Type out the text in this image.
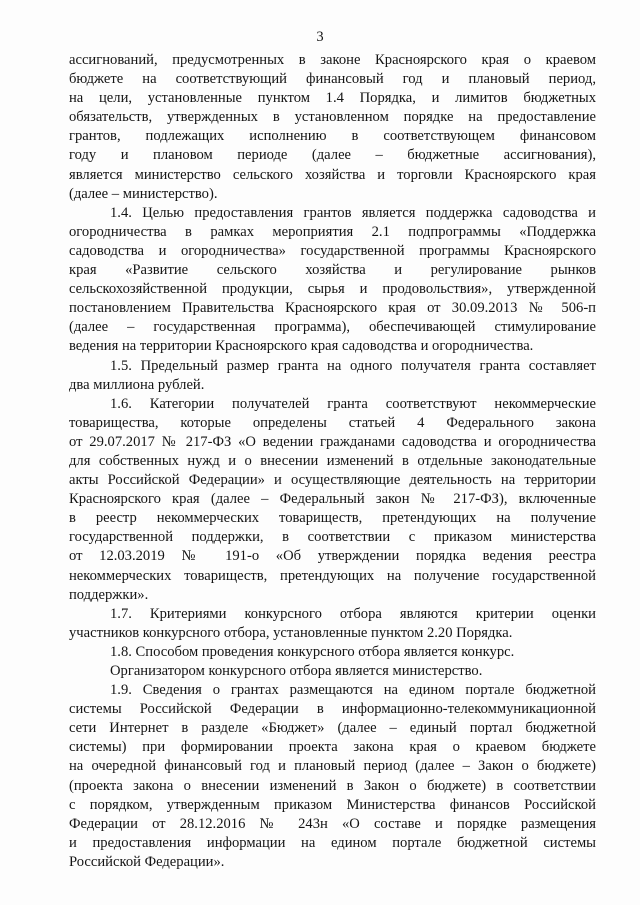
3
ассигнований, предусмотренных в законе Красноярского края о краевом
бюджете на соответствующий финансовый год и плановый период,
на цели, установленные пунктом 1.4 Порядка, и лимитов бюджетных
обязательств, утвержденных в установленном порядке на предоставление
грантов, подлежащих исполнению в соответствующем финансовом
году и плановом периоде (далее – бюджетные ассигнования),
является министерство сельского хозяйства и торговли Красноярского края
(далее – министерство).
1.4. Целью предоставления грантов является поддержка садоводства и
огородничества в рамках мероприятия 2.1 подпрограммы «Поддержка
садоводства и огородничества» государственной программы Красноярского
края «Развитие сельского хозяйства и регулирование рынков
сельскохозяйственной продукции, сырья и продовольствия», утвержденной
постановлением Правительства Красноярского края от 30.09.2013 № 506-п
(далее – государственная программа), обеспечивающей стимулирование
ведения на территории Красноярского края садоводства и огородничества.
1.5. Предельный размер гранта на одного получателя гранта составляет
два миллиона рублей.
1.6. Категории получателей гранта соответствуют некоммерческие
товарищества, которые определены статьей 4 Федерального закона
от 29.07.2017 № 217-ФЗ «О ведении гражданами садоводства и огородничества
для собственных нужд и о внесении изменений в отдельные законодательные
акты Российской Федерации» и осуществляющие деятельность на территории
Красноярского края (далее – Федеральный закон № 217-ФЗ), включенные
в реестр некоммерческих товариществ, претендующих на получение
государственной поддержки, в соответствии с приказом министерства
от 12.03.2019 № 191-о «Об утверждении порядка ведения реестра
некоммерческих товариществ, претендующих на получение государственной
поддержки».
1.7. Критериями конкурсного отбора являются критерии оценки
участников конкурсного отбора, установленные пунктом 2.20 Порядка.
1.8. Способом проведения конкурсного отбора является конкурс.
Организатором конкурсного отбора является министерство.
1.9. Сведения о грантах размещаются на едином портале бюджетной
системы Российской Федерации в информационно-телекоммуникационной
сети Интернет в разделе «Бюджет» (далее – единый портал бюджетной
системы) при формировании проекта закона края о краевом бюджете
на очередной финансовый год и плановый период (далее – Закон о бюджете)
(проекта закона о внесении изменений в Закон о бюджете) в соответствии
с порядком, утвержденным приказом Министерства финансов Российской
Федерации от 28.12.2016 № 243н «О составе и порядке размещения
и предоставления информации на едином портале бюджетной системы
Российской Федерации».
